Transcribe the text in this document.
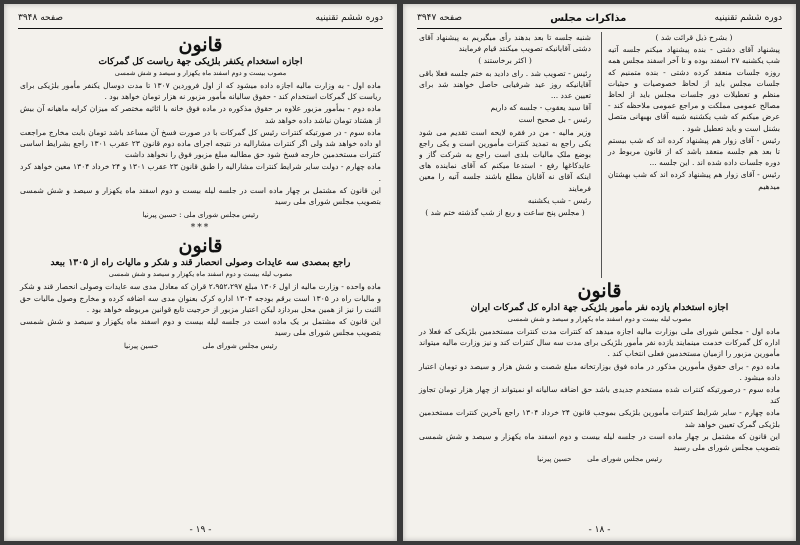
دوره ششم تقنینیه
صفحه ۳۹۴۸
قانون
اجازه استخدام یکنفر بلژیکی جهة ریاست کل گمرکات
مصوب بیست و دوم اسفند ماه یکهزار و سیصد و شش شمسی

ماده اول - به وزارت مالیه اجازه داده میشود که از اول فروردین ۱۳۰۷ تا مدت دوسال یکنفر مأمور بلژیکی برای ریاست کل گمرکات استخدام کند - حقوق سالیانه مأمور مزبور نه هزار تومان خواهد بود .

ماده دوم - بمأمور مزبور علاوه بر حقوق مذکوره در ماده فوق خانه با اثاثیه مختصر که میزان کرایه ماهیانه آن بیش از هشتاد تومان نباشد داده خواهد شد

ماده سوم - در صورتیکه کنترات رئیس کل گمرکات با در صورت فسخ آن مساعد باشد تومان بابت مخارج مراجعت او داده خواهد شد ولی اگر کنترات مشارالیه در نتیجه اجرای ماده دوم قانون ۲۳ عقرب ۱۳۰۱ راجع بشرایط اساسی کنترات مستخدمین خارجه فسخ شود حق مطالبه مبلغ مزبور فوق را نخواهد داشت

ماده چهارم - دولت سایر شرایط کنترات مشارالیه را طبق قانون ۲۳ عقرب ۱۳۰۱ و ۲۴ خرداد ۱۳۰۴ معین خواهد کرد .

این قانون که مشتمل بر چهار ماده است در جلسه لیله بیست و دوم اسفند ماه یکهزار و سیصد و شش شمسی بتصویب مجلس شورای ملی رسید

رئیس مجلس شورای ملی : حسین پیرنیا
***
قانون
راجع بمصدی سه عایدات وصولی انحصار قند و شکر و مالیات راه از ۱۳۰۵ ببعد
مصوب لیله بیست و دوم اسفند ماه یکهزار و سیصد و شش شمسی

ماده واحده - وزارت مالیه از اول ۱۳۰۶ مبلغ ۲،۹۵۲،۲۹۷ قران که معادل مدی سه عایدات وصولی انحصار قند و شکر و مالیات راه در ۱۳۰۵ است برقم بودجه ۱۳۰۴ اداره کرک بعنوان مدی سه اضافه کرده و مخارج وصول مالیات حق الثبت را نیز از همین محل ببردازد لیکن اعتبار مزبور از حرجیت تابع قوانین مربوطه خواهد بود .

این قانون که مشتمل بر یک ماده است در جلسه لیله بیست و دوم اسفند ماه یکهزار و سیصد و شش شمسی بتصویب مجلس شورای ملی رسید

رئیس مجلس شورای ملی
حسین پیرنیا
- ۱۹ -
دوره ششم تقنینیه
مذاکرات مجلس
صفحه ۳۹۴۷

( بشرح ذیل قرائت شد )

پیشنهاد آقای دشتی - بنده پیشنهاد میکنم جلسه آتیه شب یکشنبه ۲۷ اسفند بوده و تا آخر اسفند مجلس همه روزه جلسات منعقد کرده دشتی - بنده متمنیم که جلسات مجلس باید از لحاظ خصوصیات و حیثیات منظم و تعطیلات دور جلسات مجلس باید از لحاظ مصالح عمومی مملکت و مراجع عمومی ملاحظه کند - عرض میکنم که شب یکشنبه شبیه آقای بهبهانی متصل بشنل است و باید تعطیل شود .

رئیس - آقای زوار هم پیشنهاد کرده اند که شب بیستم تا بعد هم جلسه منعقد باشد که از قانون مربوط در دوره جلسات داده شده اند . این جلسه ...

رئیس - آقای زوار هم پیشنهاد کرده اند که شب بهشتان میدهیم

شنبه جلسه تا بعد بدهند رأی میگیریم به پیشنهاد آقای دشتی آقایانیکه تصویب میکنند قیام فرمایند

( اکثر برخاستند )

رئیس - تصویب شد . رای دادید به ختم جلسه فعلا باقی آقایانیکه روز عید شرفیابی حاصل خواهند شد برای تعیین عدد ...

آقا سید یعقوب - جلسه که داریم

رئیس - بل صحیح است

وزیر مالیه - من در فقره لایحه است تقدیم می شود یکی راجع به تمدید کنترات مأمورین است و یکی راجع بوضع ملک مالیات بلدی است راجع به شرکت گاز و عایدکاغها رفع - استدعا میکنم که آقای نماینده های اینکه آقای نه آقایان مطلع باشند جلسه آتیه را معین فرمایند

رئیس - شب یکشنبه

( مجلس پنج ساعت و ربع از شب گذشته ختم شد )

قانون
اجازه استخدام یازده نفر مأمور بلژیکی جهة اداره کل گمرکات ایران
مصوب لیله بیست و دوم اسفند ماه یکهزار و سیصد و شش شمسی

ماده اول - مجلس شورای ملی بوزارت مالیه اجازه میدهد که کنترات مدت کنترات مستخدمین بلژیکی که فعلا در اداره کل گمرکات خدمت مینمایند یازده نفر مأمور بلژیکی برای مدت سه سال کنترات کند و نیز وزارت مالیه میتواند مأمورین مزبور را ازمیان مستخدمین فعلی انتخاب کند .

ماده دوم - برای حقوق مأمورین مذکور در ماده فوق بوزارتخانه مبلغ شصت و شش هزار و سیصد دو تومان اعتبار داده میشود .

ماده سوم - درصورتیکه کنترات شده مستخدم جدیدی باشد حق اضافه سالیانه او نمیتواند از چهار هزار تومان تجاوز کند

ماده چهارم - سایر شرایط کنترات مأمورین بلژیکی بموجب قانون ۲۴ خرداد ۱۳۰۴ راجع بآخرین کنترات مستخدمین بلژیکی گمرک تعیین خواهد شد

این قانون که مشتمل بر چهار ماده است در جلسه لیله بیست و دوم اسفند ماه یکهزار و سیصد و شش شمسی بتصویب مجلس شورای ملی رسید

رئیس مجلس شورای ملی       حسین پیرنیا
- ۱۸ -
